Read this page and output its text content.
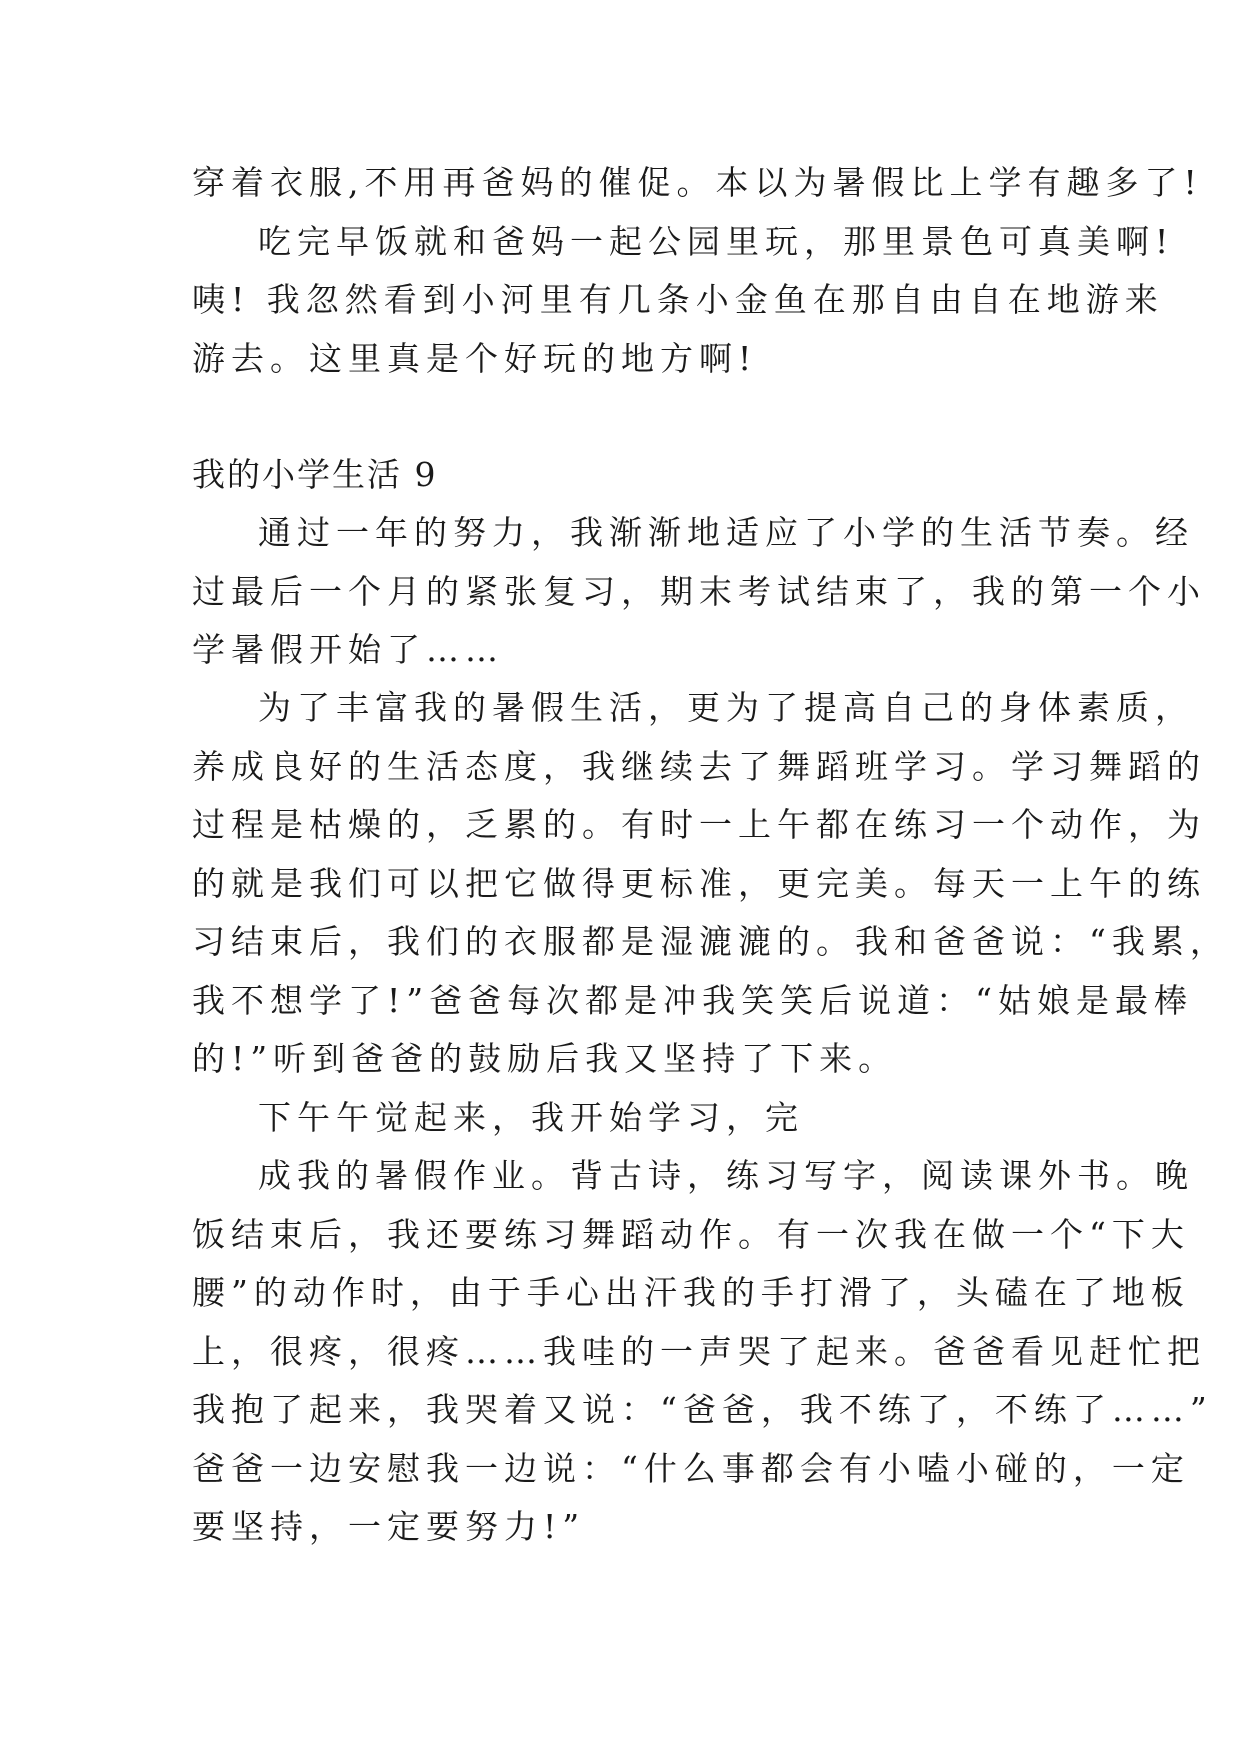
穿着衣服,不用再爸妈的催促。本以为暑假比上学有趣多了!
吃完早饭就和爸妈一起公园里玩，那里景色可真美啊!
咦! 我忽然看到小河里有几条小金鱼在那自由自在地游来
游去。这里真是个好玩的地方啊!
我的小学生活 9
通过一年的努力，我渐渐地适应了小学的生活节奏。经
过最后一个月的紧张复习，期末考试结束了，我的第一个小
学暑假开始了……
为了丰富我的暑假生活，更为了提高自己的身体素质，
养成良好的生活态度，我继续去了舞蹈班学习。学习舞蹈的
过程是枯燥的，乏累的。有时一上午都在练习一个动作，为
的就是我们可以把它做得更标准，更完美。每天一上午的练
习结束后，我们的衣服都是湿漉漉的。我和爸爸说：“我累，
我不想学了!”爸爸每次都是冲我笑笑后说道：“姑娘是最棒
的!”听到爸爸的鼓励后我又坚持了下来。
下午午觉起来，我开始学习，完
成我的暑假作业。背古诗，练习写字，阅读课外书。晚
饭结束后，我还要练习舞蹈动作。有一次我在做一个“下大
腰”的动作时，由于手心出汗我的手打滑了，头磕在了地板
上，很疼，很疼……我哇的一声哭了起来。爸爸看见赶忙把
我抱了起来，我哭着又说：“爸爸，我不练了，不练了……”
爸爸一边安慰我一边说：“什么事都会有小嗑小碰的，一定
要坚持，一定要努力!”
